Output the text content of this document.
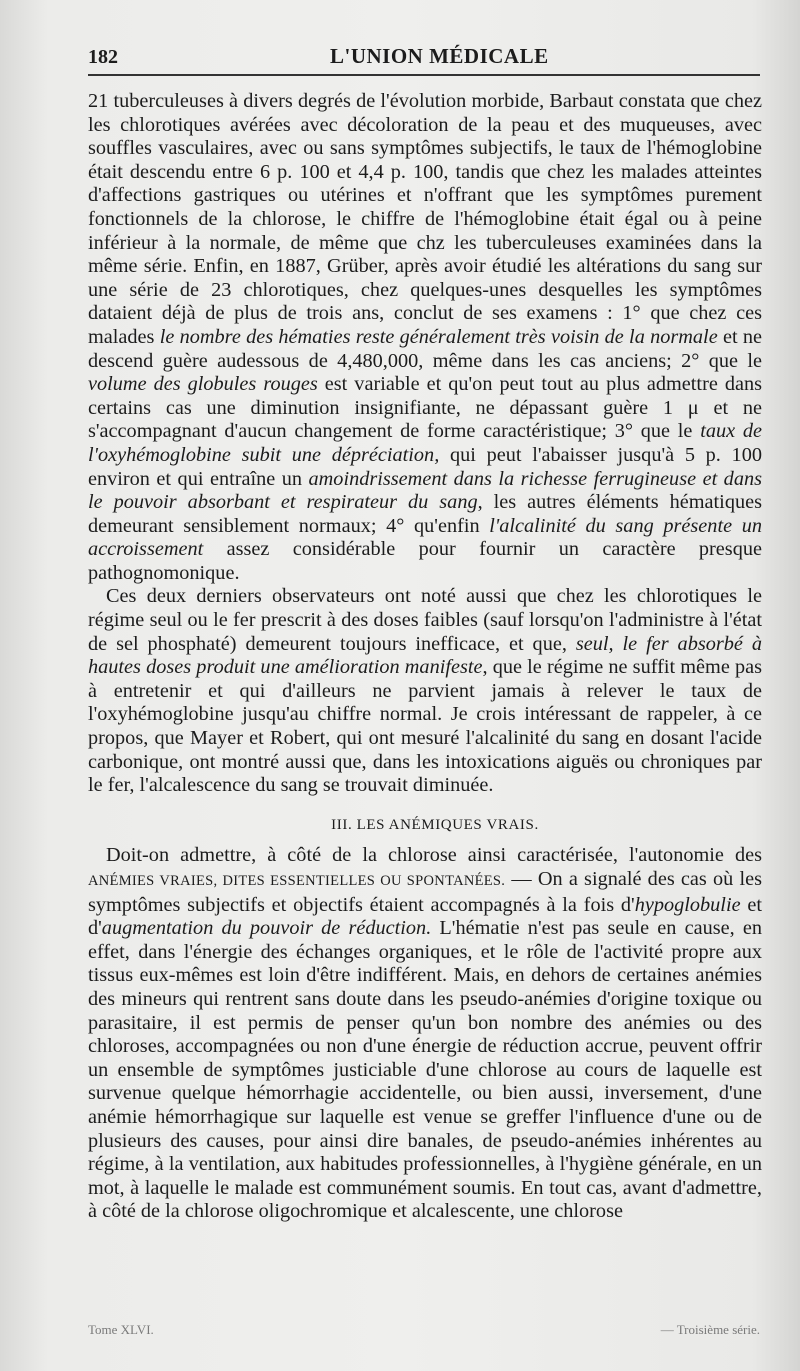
182	L'UNION MÉDICALE

21 tuberculeuses à divers degrés de l'évolution morbide, Barbaut constata que chez les chlorotiques avérées avec décoloration de la peau et des muqueuses, avec souffles vasculaires, avec ou sans symptômes subjectifs, le taux de l'hémoglobine était descendu entre 6 p. 100 et 4,4 p. 100, tandis que chez les malades atteintes d'affections gastriques ou utérines et n'offrant que les symptômes purement fonctionnels de la chlorose, le chiffre de l'hémoglobine était égal ou à peine inférieur à la normale, de même que chz les tuberculeuses examinées dans la même série. Enfin, en 1887, Grüber, après avoir étudié les altérations du sang sur une série de 23 chlorotiques, chez quelques-unes desquelles les symptômes dataient déjà de plus de trois ans, conclut de ses examens : 1° que chez ces malades le nombre des hématies reste généralement très voisin de la normale et ne descend guère audessous de 4,480,000, même dans les cas anciens; 2° que le volume des globules rouges est variable et qu'on peut tout au plus admettre dans certains cas une diminution insignifiante, ne dépassant guère 1 μ et ne s'accompagnant d'aucun changement de forme caractéristique; 3° que le taux de l'oxyhémoglobine subit une dépréciation, qui peut l'abaisser jusqu'à 5 p. 100 environ et qui entraîne un amoindrissement dans la richesse ferrugineuse et dans le pouvoir absorbant et respirateur du sang, les autres éléments hématiques demeurant sensiblement normaux; 4° qu'enfin l'alcalinité du sang présente un accroissement assez considérable pour fournir un caractère presque pathognomonique.

Ces deux derniers observateurs ont noté aussi que chez les chlorotiques le régime seul ou le fer prescrit à des doses faibles (sauf lorsqu'on l'administre à l'état de sel phosphaté) demeurent toujours inefficace, et que, seul, le fer absorbé à hautes doses produit une amélioration manifeste, que le régime ne suffit même pas à entretenir et qui d'ailleurs ne parvient jamais à relever le taux de l'oxyhémoglobine jusqu'au chiffre normal. Je crois intéressant de rappeler, à ce propos, que Mayer et Robert, qui ont mesuré l'alcalinité du sang en dosant l'acide carbonique, ont montré aussi que, dans les intoxications aiguës ou chroniques par le fer, l'alcalescence du sang se trouvait diminuée.

III. LES ANÉMIQUES VRAIS.

Doit-on admettre, à côté de la chlorose ainsi caractérisée, l'autonomie des ANÉMIES VRAIES, DITES ESSENTIELLES OU SPONTANÉES. — On a signalé des cas où les symptômes subjectifs et objectifs étaient accompagnés à la fois d'hypoglobulie et d'augmentation du pouvoir de réduction. L'hématie n'est pas seule en cause, en effet, dans l'énergie des échanges organiques, et le rôle de l'activité propre aux tissus eux-mêmes est loin d'être indifférent. Mais, en dehors de certaines anémies des mineurs qui rentrent sans doute dans les pseudo-anémies d'origine toxique ou parasitaire, il est permis de penser qu'un bon nombre des anémies ou des chloroses, accompagnées ou non d'une énergie de réduction accrue, peuvent offrir un ensemble de symptômes justiciable d'une chlorose au cours de laquelle est survenue quelque hémorrhagie accidentelle, ou bien aussi, inversement, d'une anémie hémorrhagique sur laquelle est venue se greffer l'influence d'une ou de plusieurs des causes, pour ainsi dire banales, de pseudo-anémies inhérentes au régime, à la ventilation, aux habitudes professionnelles, à l'hygiène générale, en un mot, à laquelle le malade est communément soumis. En tout cas, avant d'admettre, à côté de la chlorose oligochromique et alcalescente, une chlorose

Tome XLVI.	— Troisième série.
